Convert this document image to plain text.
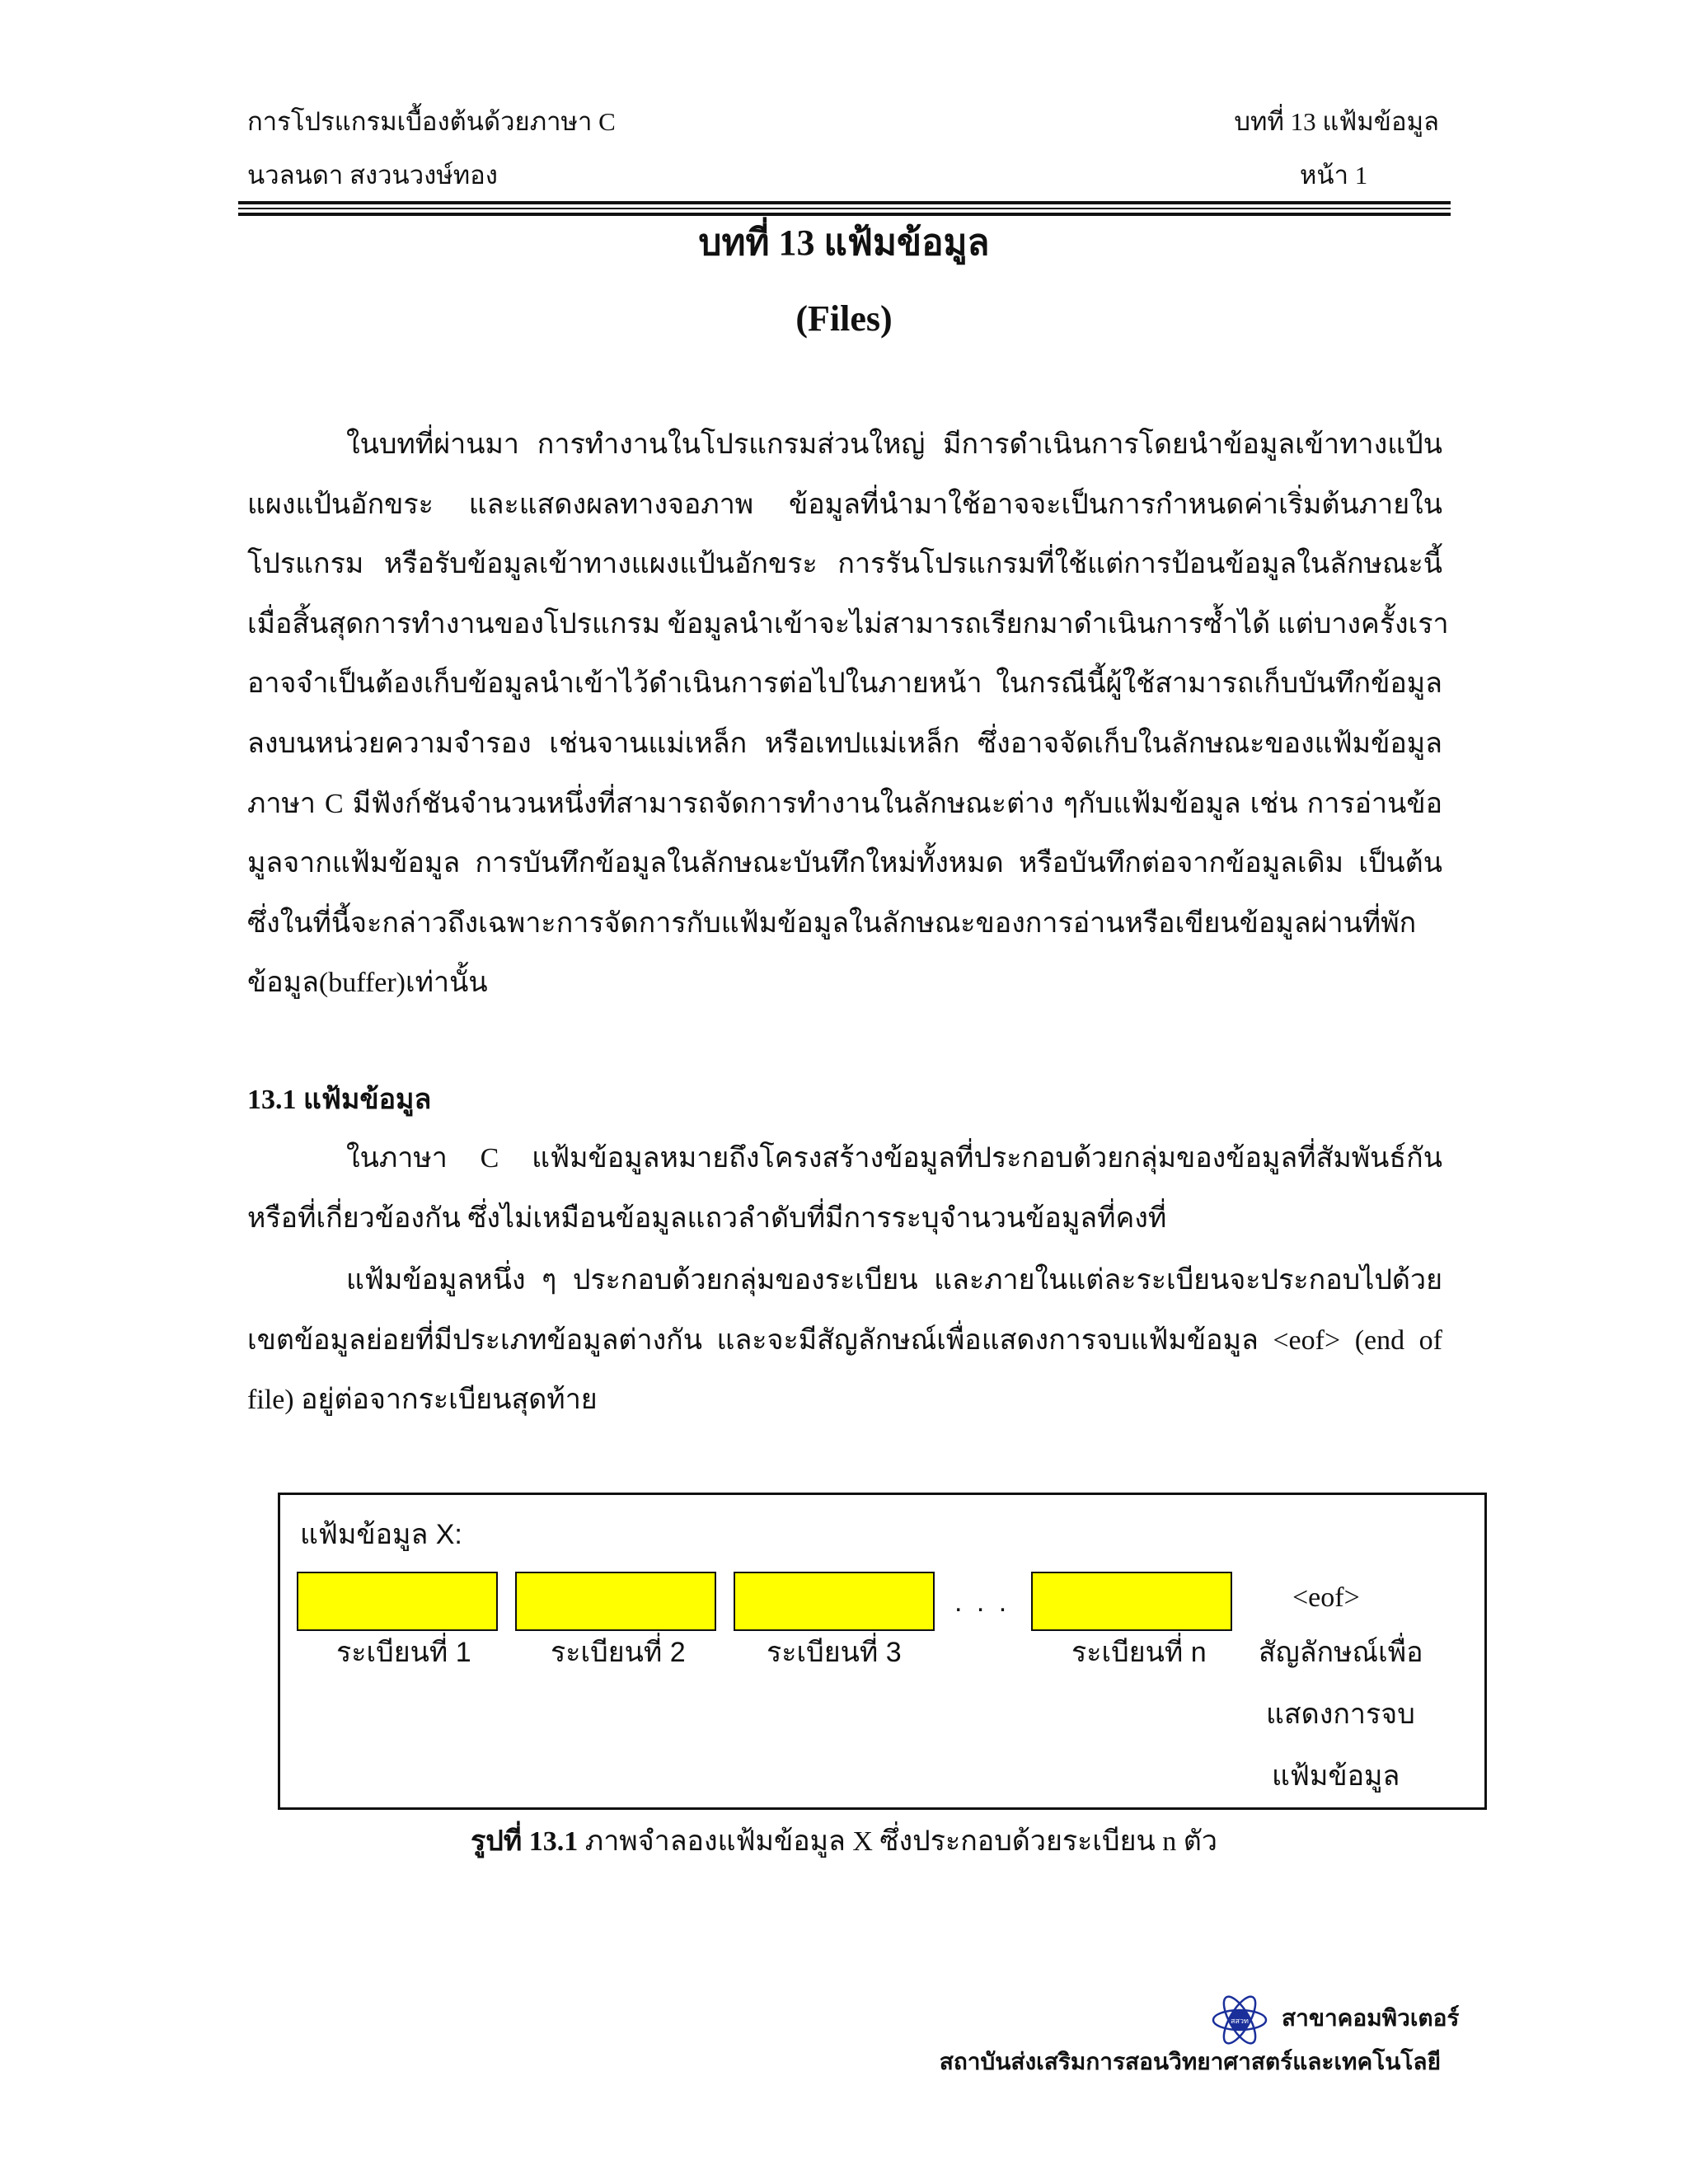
การโปรแกรมเบื้องต้นด้วยภาษา C
นวลนดา สงวนวงษ์ทอง
บทที่ 13 แฟ้มข้อมูล
หน้า 1
บทที่ 13 แฟ้มข้อมูล
(Files)
ในบทที่ผ่านมา การทำงานในโปรแกรมส่วนใหญ่ มีการดำเนินการโดยนำข้อมูลเข้าทางแป้น
แผงแป้นอักขระ และแสดงผลทางจอภาพ ข้อมูลที่นำมาใช้อาจจะเป็นการกำหนดค่าเริ่มต้นภายใน
โปรแกรม หรือรับข้อมูลเข้าทางแผงแป้นอักขระ การรันโปรแกรมที่ใช้แต่การป้อนข้อมูลในลักษณะนี้
เมื่อสิ้นสุดการทำงานของโปรแกรม ข้อมูลนำเข้าจะไม่สามารถเรียกมาดำเนินการซ้ำได้ แต่บางครั้งเรา
อาจจำเป็นต้องเก็บข้อมูลนำเข้าไว้ดำเนินการต่อไปในภายหน้า ในกรณีนี้ผู้ใช้สามารถเก็บบันทึกข้อมูล
ลงบนหน่วยความจำรอง เช่นจานแม่เหล็ก หรือเทปแม่เหล็ก ซึ่งอาจจัดเก็บในลักษณะของแฟ้มข้อมูล
ภาษา C มีฟังก์ชันจำนวนหนึ่งที่สามารถจัดการทำงานในลักษณะต่าง ๆกับแฟ้มข้อมูล เช่น การอ่านข้อ
มูลจากแฟ้มข้อมูล การบันทึกข้อมูลในลักษณะบันทึกใหม่ทั้งหมด หรือบันทึกต่อจากข้อมูลเดิม เป็นต้น
ซึ่งในที่นี้จะกล่าวถึงเฉพาะการจัดการกับแฟ้มข้อมูลในลักษณะของการอ่านหรือเขียนข้อมูลผ่านที่พัก
ข้อมูล(buffer)เท่านั้น
13.1 แฟ้มข้อมูล
ในภาษา C แฟ้มข้อมูลหมายถึงโครงสร้างข้อมูลที่ประกอบด้วยกลุ่มของข้อมูลที่สัมพันธ์กัน
หรือที่เกี่ยวข้องกัน ซึ่งไม่เหมือนข้อมูลแถวลำดับที่มีการระบุจำนวนข้อมูลที่คงที่
แฟ้มข้อมูลหนึ่ง ๆ ประกอบด้วยกลุ่มของระเบียน และภายในแต่ละระเบียนจะประกอบไปด้วย
เขตข้อมูลย่อยที่มีประเภทข้อมูลต่างกัน และจะมีสัญลักษณ์เพื่อแสดงการจบแฟ้มข้อมูล <eof> (end of
file) อยู่ต่อจากระเบียนสุดท้าย
แฟ้มข้อมูล X:
. . .
ระเบียนที่ 1	ระเบียนที่ 2	ระเบียนที่ 3	ระเบียนที่ n
<eof>
สัญลักษณ์เพื่อ
แสดงการจบ
แฟ้มข้อมูล
รูปที่ 13.1 ภาพจำลองแฟ้มข้อมูล X ซึ่งประกอบด้วยระเบียน n ตัว
สสวท สาขาคอมพิวเตอร์
สถาบันส่งเสริมการสอนวิทยาศาสตร์และเทคโนโลยี
